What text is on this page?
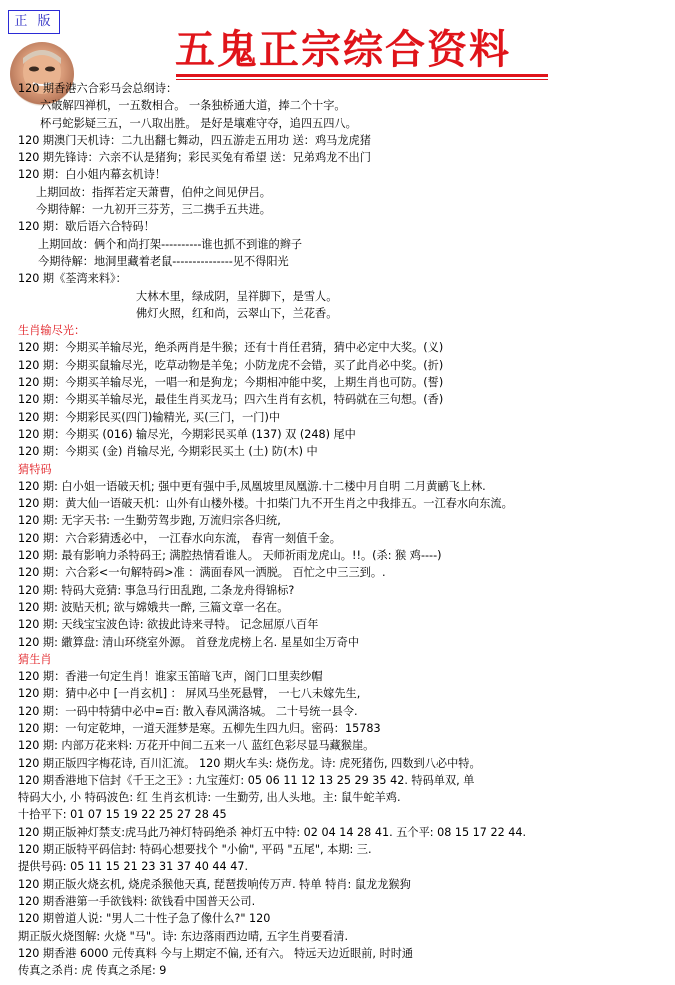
正 版
五鬼正宗综合资料
120 期香港六合彩马会总纲诗：
六破解四禅机，一五数相合。 一条独桥通大道，捧二个十字。
杯弓蛇影疑三五，一八取出胜。 是好是壤难守夺，追四五四八。
120 期澳门天机诗：二九出翻七舞动，四五游走五用功 送：鸡马龙虎猪
120 期先锋诗：六亲不认是猪狗；彩民买兔有希望 送：兄弟鸡龙不出门
120 期：白小姐内幕玄机诗！
上期回故：指挥若定天萧曹，伯仲之间见伊吕。
今期待解：一九初开三芬芳，三二携手五共进。
120 期：歇后语六合特码！
上期回故：俩个和尚打架----------谁也抓不到谁的辫子
今期待解：地洞里藏着老鼠---------------见不得阳光
120 期《荃湾来料》：
大林木里，绿成阴，呈祥脚下，是雪人。
佛灯火照，红和尚，云翠山下，兰花香。
生肖输尽光：
120 期：今期买羊输尽光，绝杀两肖是牛猴；还有十肖任君猜，猜中必定中大奖。(义)
120 期：今期买鼠输尽光，吃草动物是羊兔；小防龙虎不会错，买了此肖必中奖。(折)
120 期：今期买羊输尽光，一唱一和是狗龙；今期相冲能中奖，上期生肖也可防。(誓)
120 期：今期买羊输尽光，最佳生肖买龙马；四六生肖有玄机，特码就在三句想。(香)
120 期：今期彩民买(四门)输精光, 买(三门，一门)中
120 期：今期买 (016) 输尽光，今期彩民买单 (137) 双 (248) 尾中
120 期：今期买 (金) 肖输尽光, 今期彩民买土 (土) 防(木) 中
猜特码
120 期: 白小姐一语破天机; 强中更有强中手,凤凰坡里凤凰游.十二楼中月自明 二月黄鹂飞上林.
120 期：黄大仙一语破天机：山外有山楼外楼。十扣柴门九不开生肖之中我排五。一江春水向东流。
120 期: 无字天书: 一生勤劳驾步跑, 万流归宗各归统,
120 期：六合彩猜透必中， 一江春水向东流， 春宵一刻值千金。
120 期: 最有影响力杀特码王; 满腔热情看谁人。 天师祈雨龙虎山。!!。(杀: 猴 鸡----)
120 期：六合彩<一句解特码>准 ：满面春风一洒脱。 百忙之中三三到。.
120 期: 特码大竞猜: 事急马行田乱跑, 二条龙舟得锦标?
120 期: 波贴天机; 欲与嫦娥共一醉, 三篇文章一名在。
120 期: 天线宝宝波色诗: 欲拔此诗来寻特。 记念屈原八百年
120 期: 繖算盘: 清山环绕室外源。 首登龙虎榜上名. 星星如尘万奇中
猜生肖
120 期：香港一句定生肖！谁家玉笛暗飞声，阁门口里卖纱帽
120 期：猜中必中 [一肖玄机] ： 屏风马坐死悬臂， 一七八未嫁先生,
120 期：一码中特猜中必中=百: 散入春风满洛城。 二十号统一县令.
120 期：一句定乾坤，一道天涯梦是寒。五柳先生四九归。密码：15783
120 期: 内部万花来料: 万花开中间二五来一八 蓝红色彩尽显马藏猴崖。
120 期正版四字梅花诗, 百川汇流。 120 期火车头: 烧伤龙。诗: 虎死猪伤, 四数到八必中特。
120 期香港地下信封《千王之王》: 九宝莲灯: 05 06 11 12 13 25 29 35 42. 特码单双, 单
特码大小, 小 特码波色: 红 生肖玄机诗: 一生勤劳, 出人头地。主: 鼠牛蛇羊鸡.
十拾平下: 01 07 15 19 22 25 27 28 45
120 期正版神灯禁支:虎马此乃神灯特码绝杀 神灯五中特: 02 04 14 28 41. 五个平: 08 15 17 22 44.
120 期正版特平码信封: 特码心想要找个 "小偷", 平码 "五尾", 本期: 三.
提供号码: 05 11 15 21 23 31 37 40 44 47.
120 期正版火烧玄机, 烧虎杀猴他天真, 琵琶拨响传万声. 特单 特肖: 鼠龙龙猴狗
120 期香港第一手欲钱料: 欲钱看中国普天公司.
120 期曾道人说: "男人二十性子急了像什么?" 120
期正版火烧图解: 火烧 "马"。诗: 东边落雨西边晴, 五字生肖要看清.
120 期香港 6000 元传真料 今与上期定不偏, 还有六。 特远天边近眼前, 时时通
传真之杀肖: 虎 传真之杀尾: 9
